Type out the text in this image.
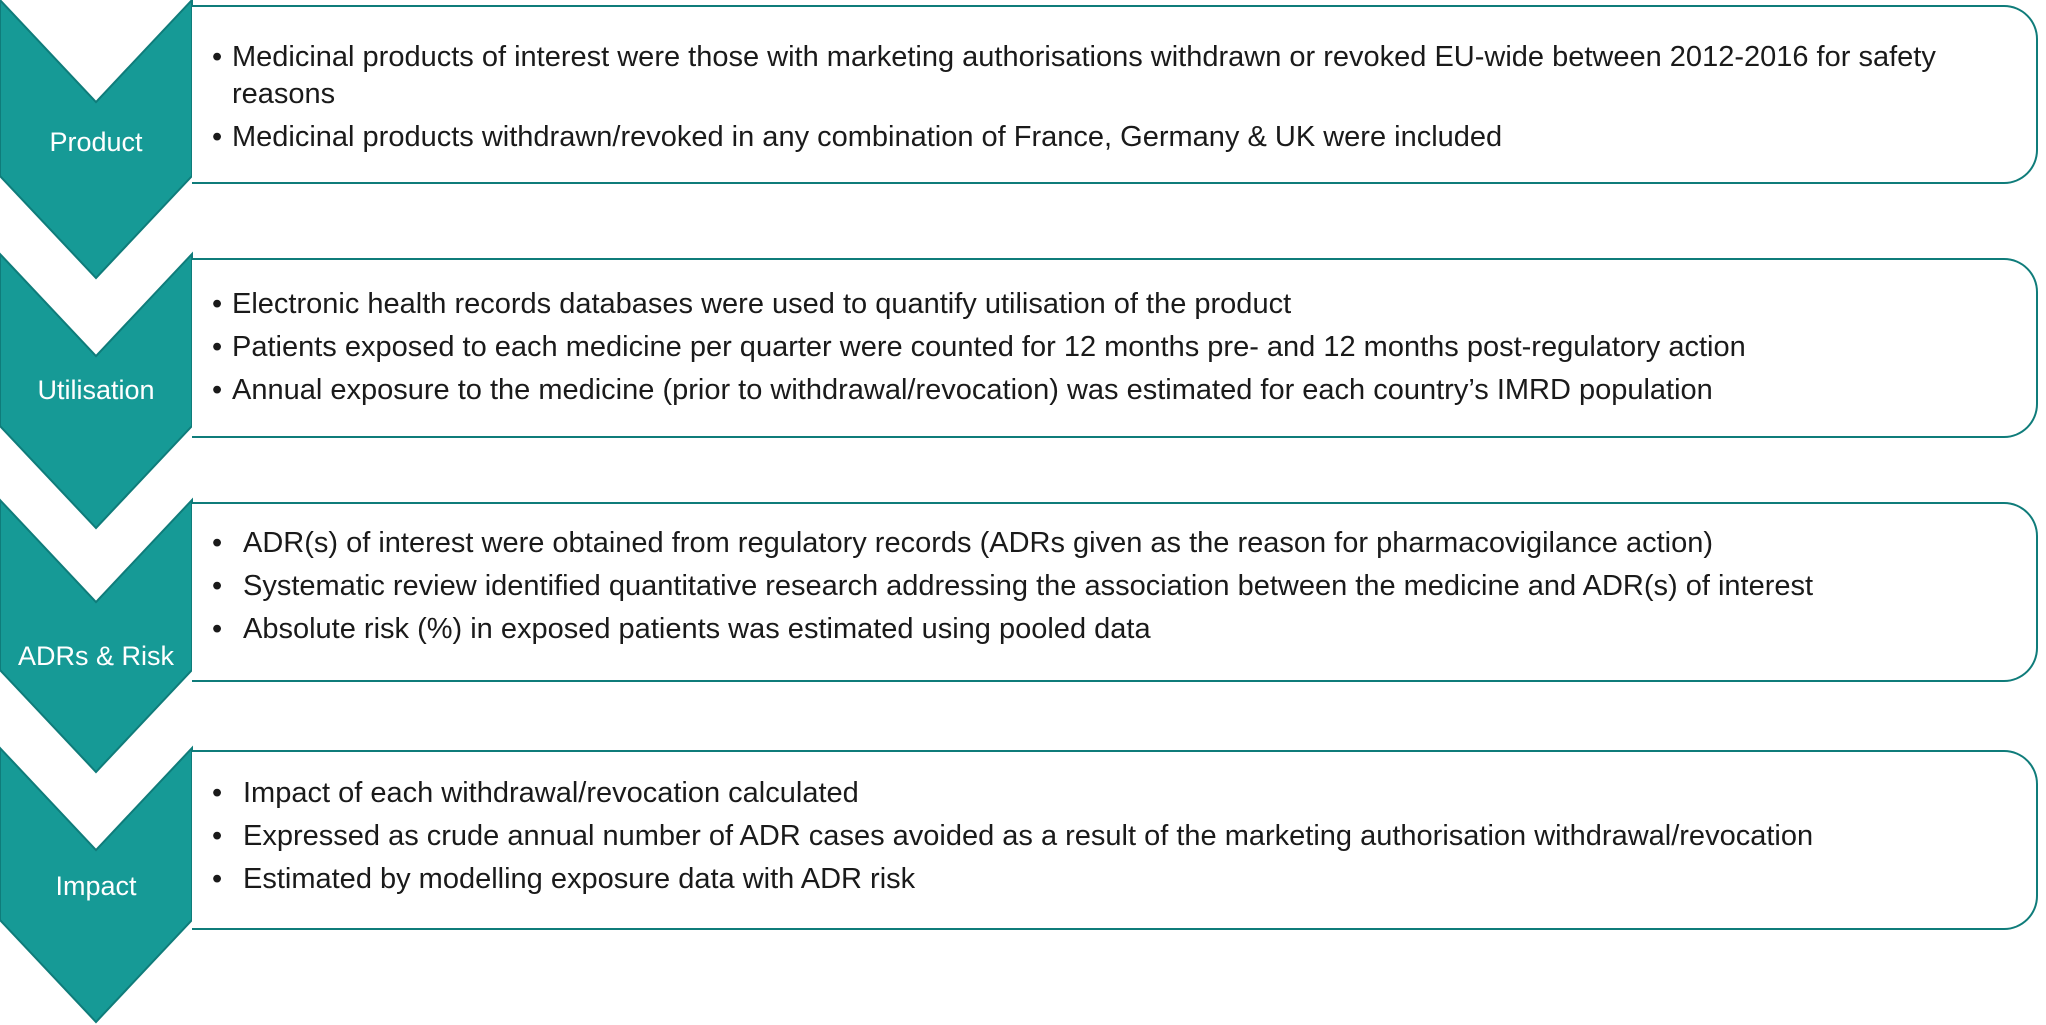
Product
• Medicinal products of interest were those with marketing authorisations withdrawn or revoked EU-wide between 2012-2016 for safety reasons
• Medicinal products withdrawn/revoked in any combination of France, Germany & UK were included
Utilisation
• Electronic health records databases were used to quantify utilisation of the product
• Patients exposed to each medicine per quarter were counted for 12 months pre- and 12 months post-regulatory action
• Annual exposure to the medicine (prior to withdrawal/revocation) was estimated for each country’s IMRD population
ADRs & Risk
• ADR(s) of interest were obtained from regulatory records (ADRs given as the reason for pharmacovigilance action)
• Systematic review identified quantitative research addressing the association between the medicine and ADR(s) of interest
• Absolute risk (%) in exposed patients was estimated using pooled data
Impact
• Impact of each withdrawal/revocation calculated
• Expressed as crude annual number of ADR cases avoided as a result of the marketing authorisation withdrawal/revocation
• Estimated by modelling exposure data with ADR risk
